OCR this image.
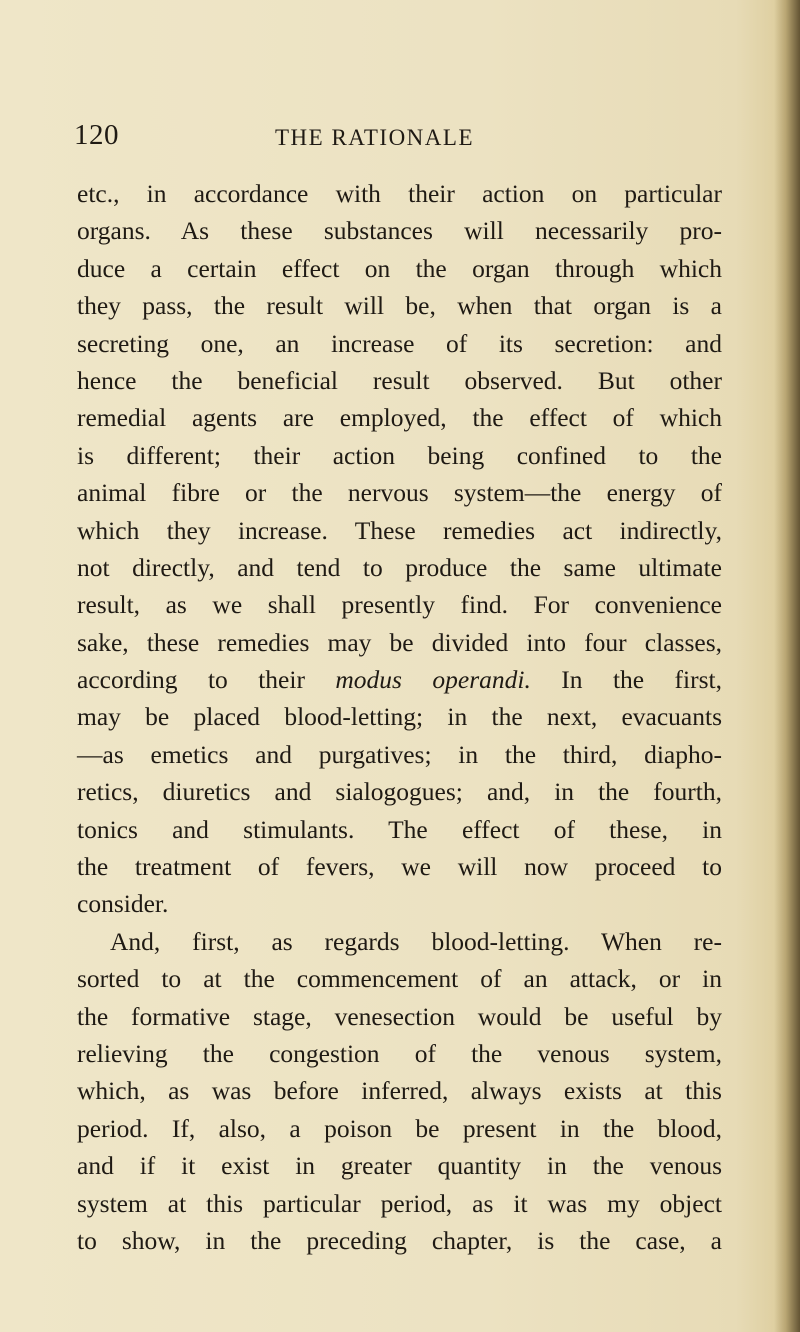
120	THE RATIONALE
etc., in accordance with their action on particular
organs. As these substances will necessarily pro-
duce a certain effect on the organ through which
they pass, the result will be, when that organ is a
secreting one, an increase of its secretion: and
hence the beneficial result observed. But other
remedial agents are employed, the effect of which
is different; their action being confined to the
animal fibre or the nervous system—the energy of
which they increase. These remedies act indirectly,
not directly, and tend to produce the same ultimate
result, as we shall presently find. For convenience
sake, these remedies may be divided into four classes,
according to their modus operandi. In the first,
may be placed blood-letting; in the next, evacuants
—as emetics and purgatives; in the third, diapho-
retics, diuretics and sialogogues; and, in the fourth,
tonics and stimulants. The effect of these, in
the treatment of fevers, we will now proceed to
consider.
And, first, as regards blood-letting. When re-
sorted to at the commencement of an attack, or in
the formative stage, venesection would be useful by
relieving the congestion of the venous system,
which, as was before inferred, always exists at this
period. If, also, a poison be present in the blood,
and if it exist in greater quantity in the venous
system at this particular period, as it was my object
to show, in the preceding chapter, is the case, a
